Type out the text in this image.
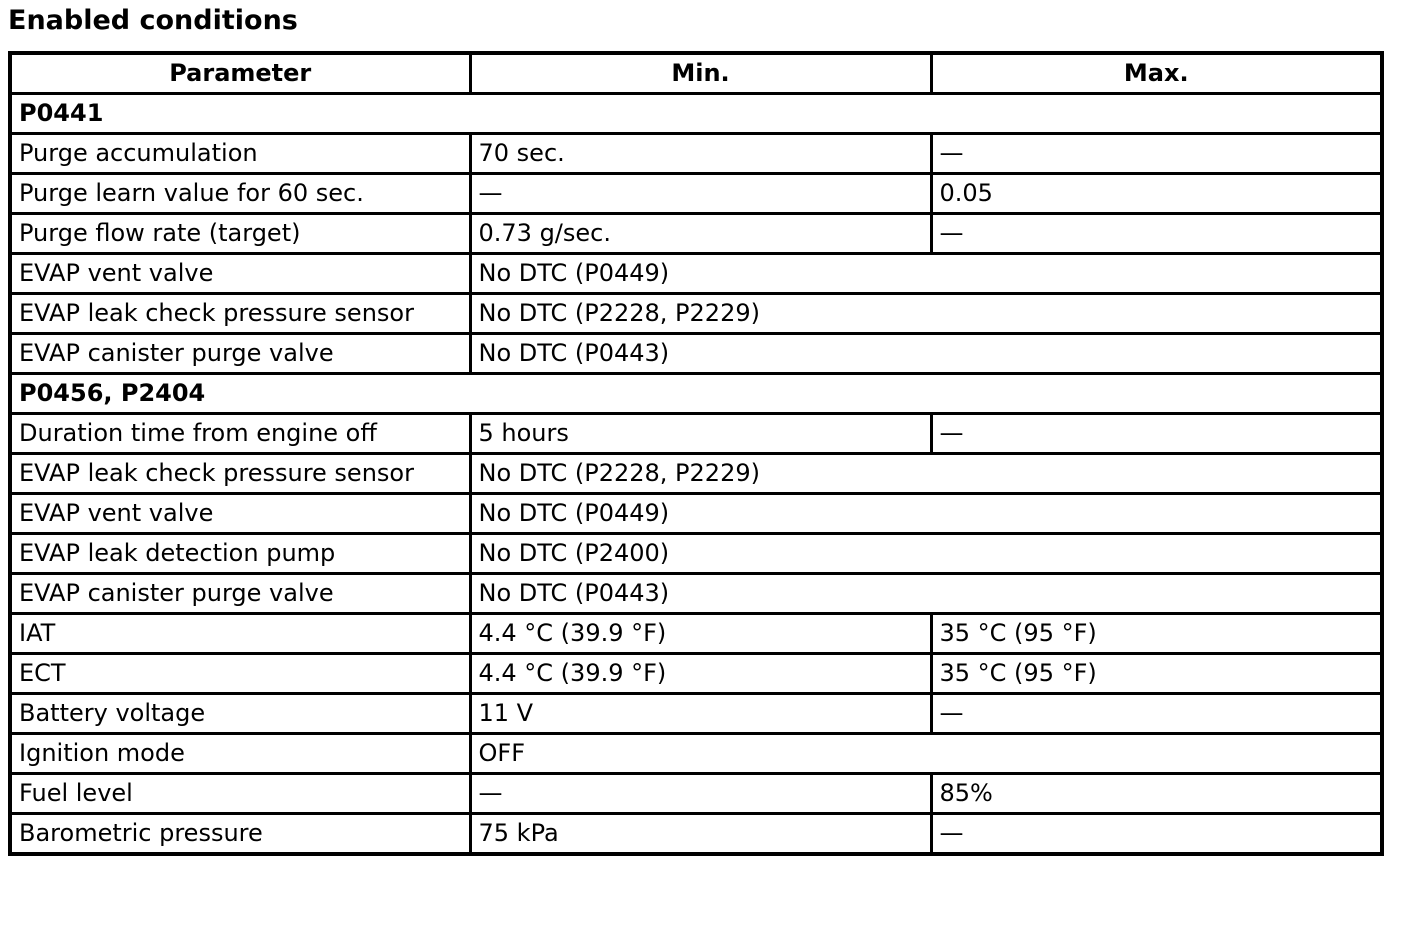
Enabled conditions
Parameter	Min.	Max.
P0441		
Purge accumulation	70 sec.	—
Purge learn value for 60 sec.	—	0.05
Purge flow rate (target)	0.73 g/sec.	—
EVAP vent valve	No DTC (P0449)	
EVAP leak check pressure sensor	No DTC (P2228, P2229)	
EVAP canister purge valve	No DTC (P0443)	
P0456, P2404		
Duration time from engine off	5 hours	—
EVAP leak check pressure sensor	No DTC (P2228, P2229)	
EVAP vent valve	No DTC (P0449)	
EVAP leak detection pump	No DTC (P2400)	
EVAP canister purge valve	No DTC (P0443)	
IAT	4.4 °C (39.9 °F)	35 °C (95 °F)
ECT	4.4 °C (39.9 °F)	35 °C (95 °F)
Battery voltage	11 V	—
Ignition mode	OFF	
Fuel level	—	85%
Barometric pressure	75 kPa	—
